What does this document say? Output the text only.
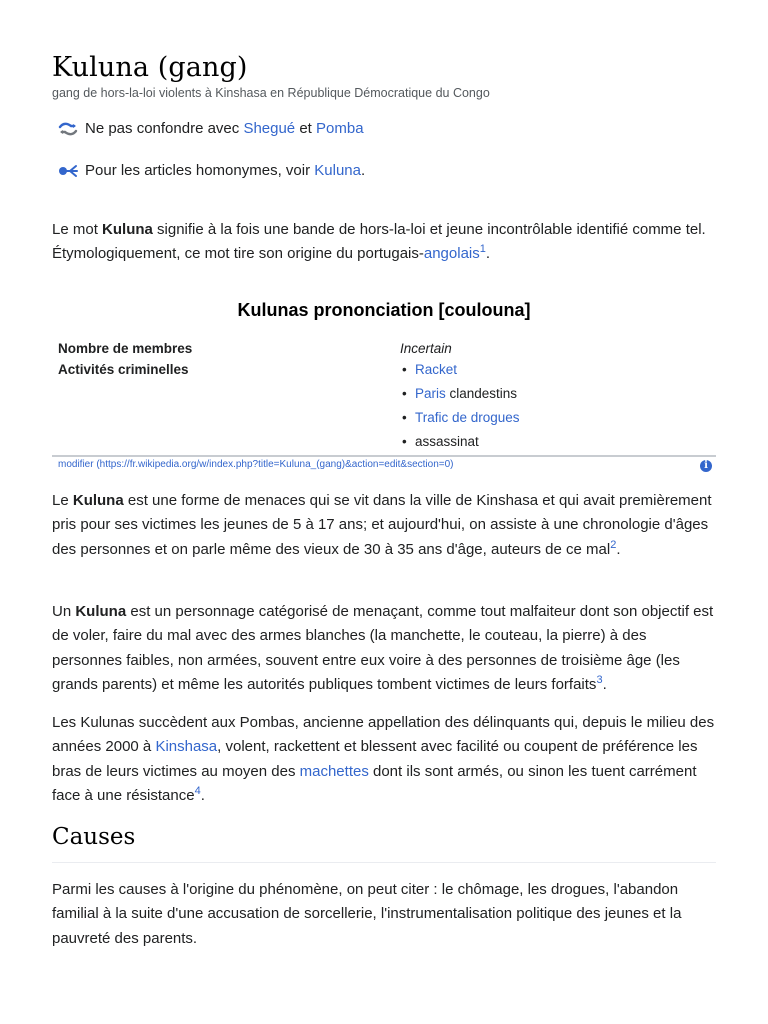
Kuluna (gang)
gang de hors-la-loi violents à Kinshasa en République Démocratique du Congo
Ne pas confondre avec
Shegué et Pomba
Pour les articles homonymes, voir
Kuluna .

Le mot Kuluna signifie à la fois une bande de hors-la-loi et jeune incontrôlable identifié comme tel. Étymologiquement, ce mot tire son origine du portugais-angolais$^1$.

Kulunas prononciation [coulouna]
Nombre de membres	Incertain
Activités criminelles
•	Racket
• Paris clandestins
• Trafic de drogues
• assassinat
modifier (https://fr.wikipedia.org/w/index.php?title=Kuluna_(gang)&action=edit&section=0)	i

Le Kuluna est une forme de menaces qui se vit dans la ville de Kinshasa et qui avait premièrement pris pour ses victimes les jeunes de 5 à 17 ans; et aujourd'hui, on assiste à une chronologie d'âges des personnes et on parle même des vieux de 30 à 35 ans d'âge, auteurs de ce mal$^2$.

Un Kuluna est un personnage catégorisé de menaçant, comme tout malfaiteur dont son objectif est de voler, faire du mal avec des armes blanches (la manchette, le couteau, la pierre) à des personnes faibles, non armées, souvent entre eux voire à des personnes de troisième âge (les grands parents) et même les autorités publiques tombent victimes de leurs forfaits$^3$.

Les Kulunas succèdent aux Pombas, ancienne appellation des délinquants qui, depuis le milieu des années 2000 à Kinshasa, volent, rackettent et blessent avec facilité ou coupent de préférence les bras de leurs victimes au moyen des machettes dont ils sont armés, ou sinon les tuent carrément face à une résistance$^4$.

Causes

Parmi les causes à l'origine du phénomène, on peut citer : le chômage, les drogues, l'abandon familial à la suite d'une accusation de sorcellerie, l'instrumentalisation politique des jeunes et la pauvreté des parents.
